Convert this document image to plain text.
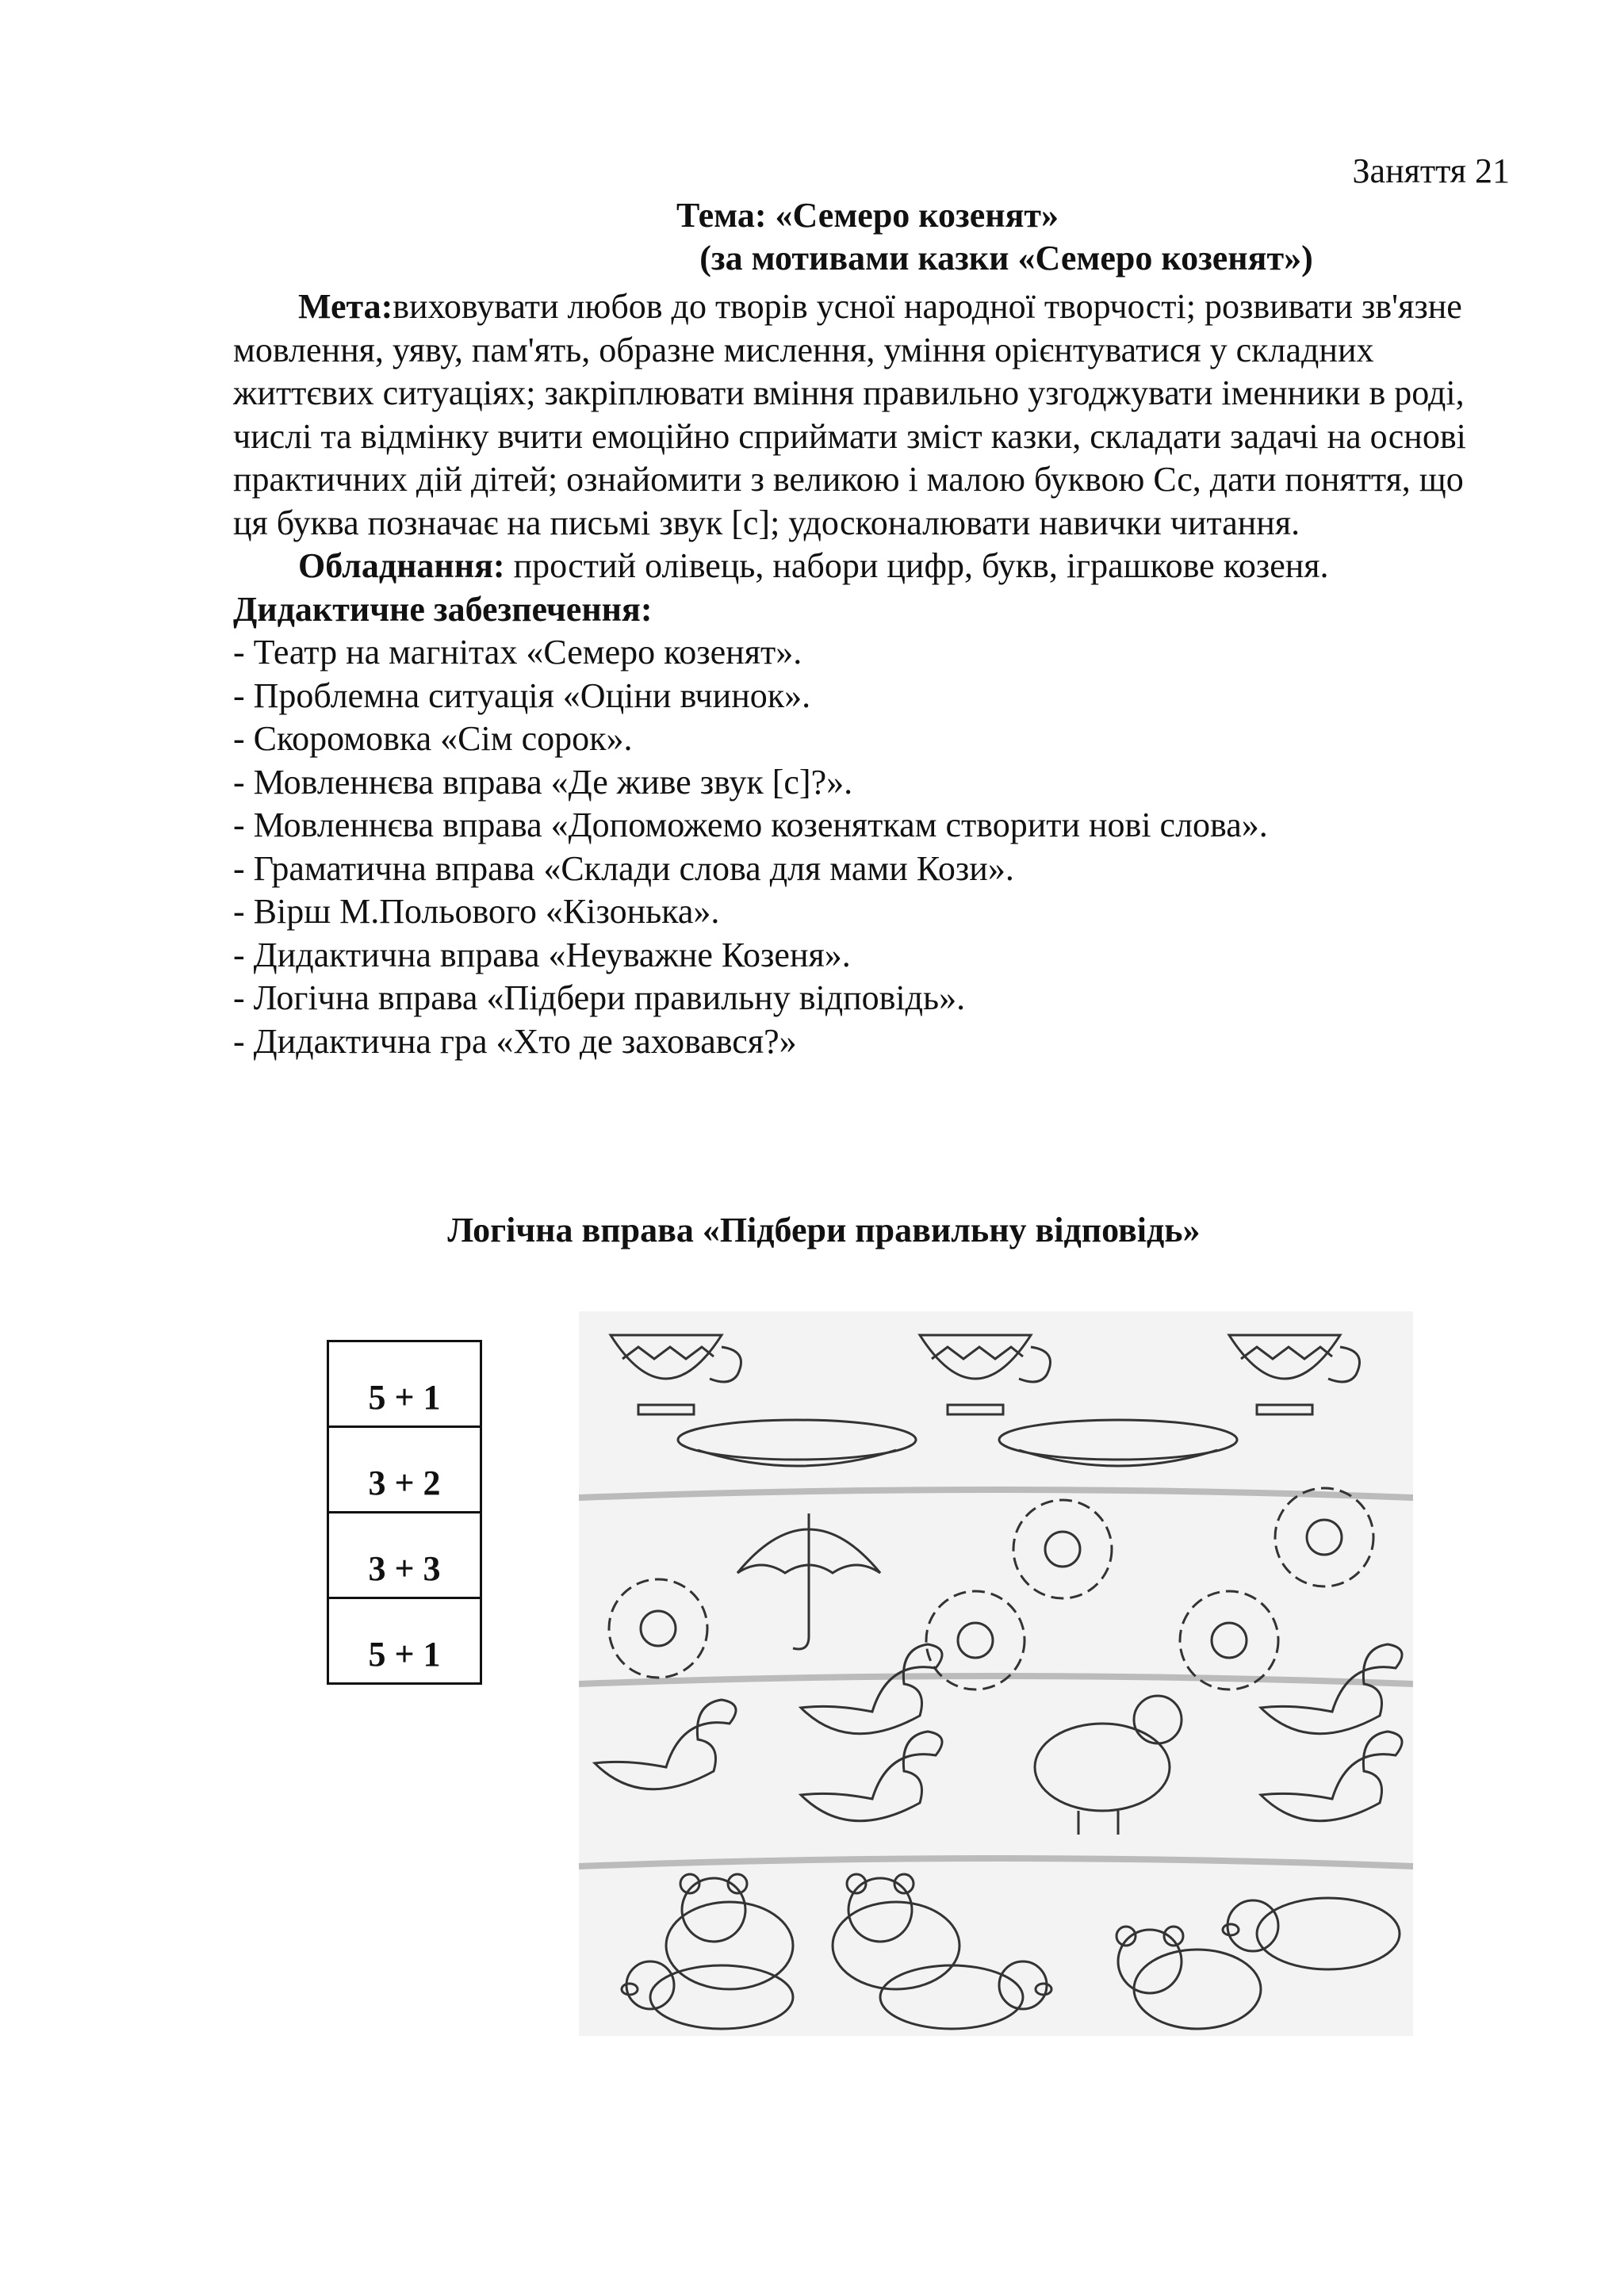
Заняття 21
Тема: «Семеро козенят»
(за мотивами казки «Семеро козенят»)

Мета:виховувати любов до творів усної народної творчості; розвивати зв'язне мовлення, уяву, пам'ять, образне мислення, уміння орієнтуватися у складних життєвих ситуаціях; закріплювати вміння правильно узгоджувати іменники в роді, числі та відмінку вчити емоційно сприймати зміст казки, складати задачі на основі практичних дій дітей; ознайомити з великою і малою буквою Сс, дати поняття, що ця буква позначає на письмі звук [с]; удосконалювати навички читання.

Обладнання: простий олівець, набори цифр, букв, іграшкове козеня.

Дидактичне забезпечення:

- Театр на магнітах «Семеро козенят».
- Проблемна ситуація «Оціни вчинок».
- Скоромовка «Сім сорок».
- Мовленнєва вправа «Де живе звук [с]?».
- Мовленнєва вправа «Допоможемо козеняткам створити нові слова».
- Граматична вправа «Склади слова для мами Кози».
- Вірш М.Польового «Кізонька».
- Дидактична вправа «Неуважне Козеня».
- Логічна вправа «Підбери правильну відповідь».
- Дидактична гра «Хто де заховався?»
Логічна вправа «Підбери правильну відповідь»
5 + 1
3 + 2
3 + 3
5 + 1
